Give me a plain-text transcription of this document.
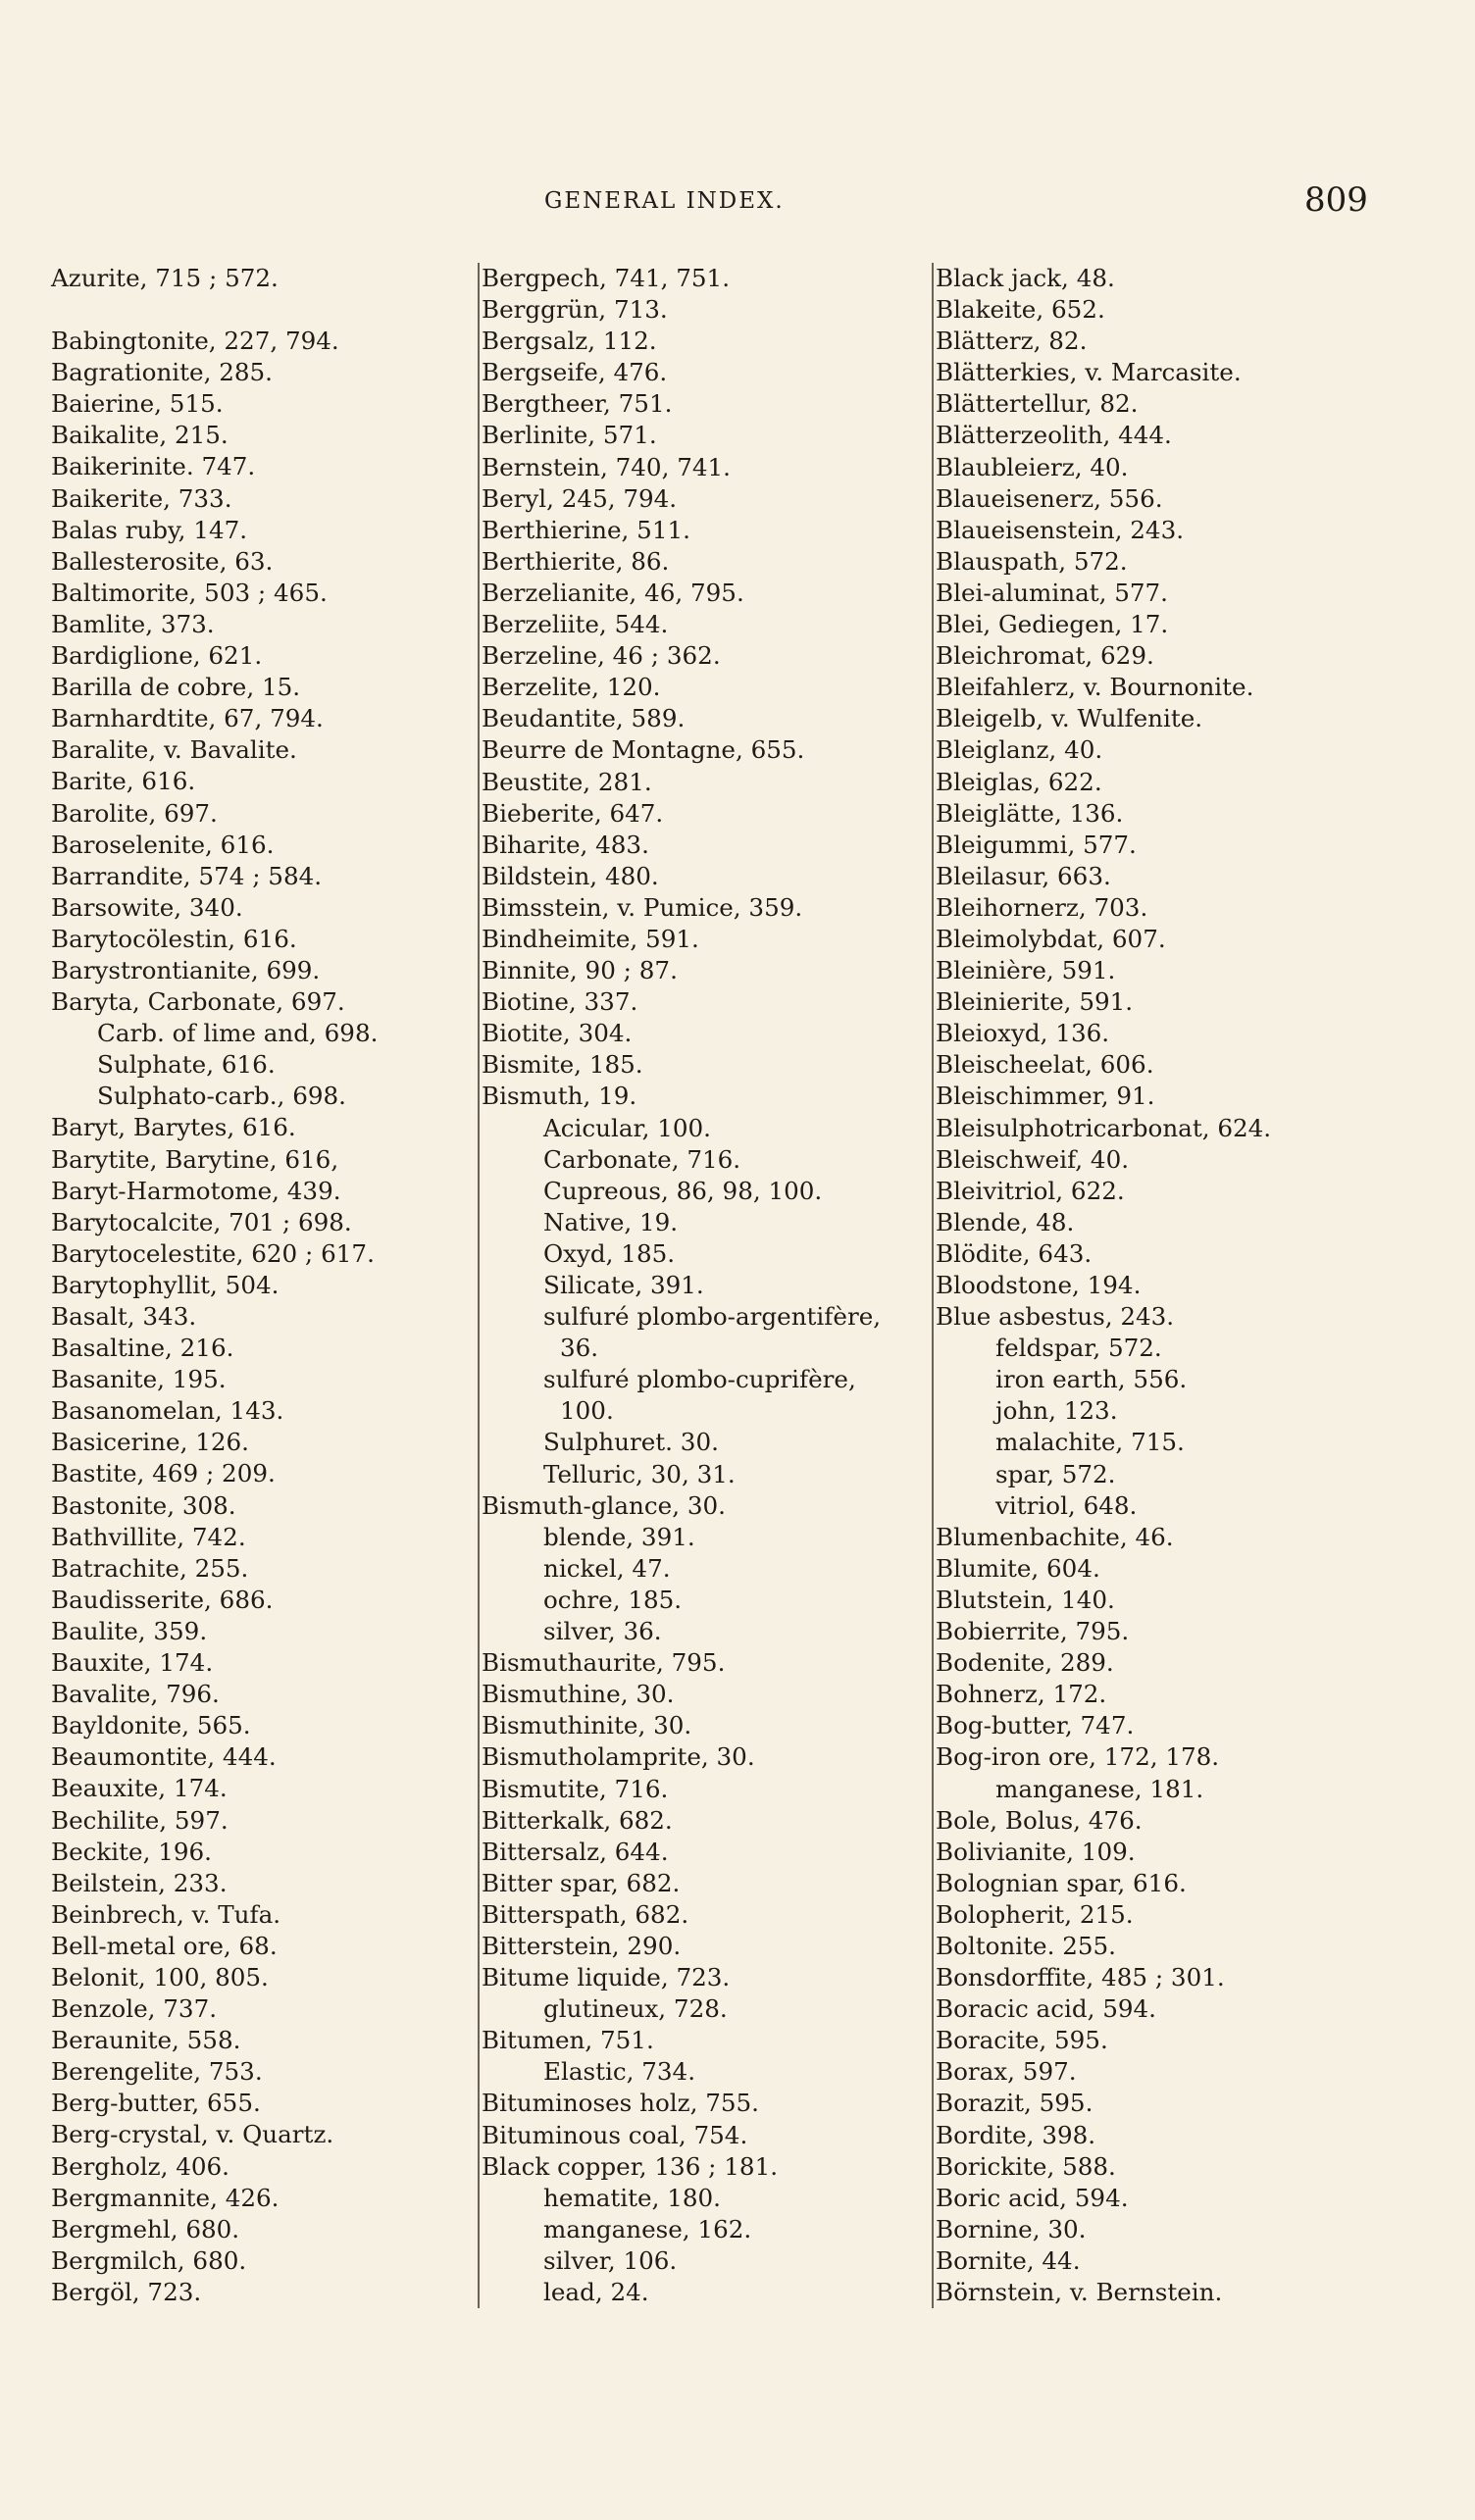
GENERAL INDEX.	809
Azurite, 715 ; 572.
Babingtonite, 227, 794.
Bagrationite, 285.
Baierine, 515.
Baikalite, 215.
Baikerinite. 747.
Baikerite, 733.
Balas ruby, 147.
Ballesterosite, 63.
Baltimorite, 503 ; 465.
Bamlite, 373.
Bardiglione, 621.
Barilla de cobre, 15.
Barnhardtite, 67, 794.
Baralite, v. Bavalite.
Barite, 616.
Barolite, 697.
Baroselenite, 616.
Barrandite, 574 ; 584.
Barsowite, 340.
Barytocölestin, 616.
Barystrontianite, 699.
Baryta, Carbonate, 697.
Carb. of lime and, 698.
Sulphate, 616.
Sulphato-carb., 698.
Baryt, Barytes, 616.
Barytite, Barytine, 616,
Baryt-Harmotome, 439.
Barytocalcite, 701 ; 698.
Barytocelestite, 620 ; 617.
Barytophyllit, 504.
Basalt, 343.
Basaltine, 216.
Basanite, 195.
Basanomelan, 143.
Basicerine, 126.
Bastite, 469 ; 209.
Bastonite, 308.
Bathvillite, 742.
Batrachite, 255.
Baudisserite, 686.
Baulite, 359.
Bauxite, 174.
Bavalite, 796.
Bayldonite, 565.
Beaumontite, 444.
Beauxite, 174.
Bechilite, 597.
Beckite, 196.
Beilstein, 233.
Beinbrech, v. Tufa.
Bell-metal ore, 68.
Belonit, 100, 805.
Benzole, 737.
Beraunite, 558.
Berengelite, 753.
Berg-butter, 655.
Berg-crystal, v. Quartz.
Bergholz, 406.
Bergmannite, 426.
Bergmehl, 680.
Bergmilch, 680.
Bergöl, 723.
Bergpech, 741, 751.
Berggrün, 713.
Bergsalz, 112.
Bergseife, 476.
Bergtheer, 751.
Berlinite, 571.
Bernstein, 740, 741.
Beryl, 245, 794.
Berthierine, 511.
Berthierite, 86.
Berzelianite, 46, 795.
Berzeliite, 544.
Berzeline, 46 ; 362.
Berzelite, 120.
Beudantite, 589.
Beurre de Montagne, 655.
Beustite, 281.
Bieberite, 647.
Biharite, 483.
Bildstein, 480.
Bimsstein, v. Pumice, 359.
Bindheimite, 591.
Binnite, 90 ; 87.
Biotine, 337.
Biotite, 304.
Bismite, 185.
Bismuth, 19.
Acicular, 100.
Carbonate, 716.
Cupreous, 86, 98, 100.
Native, 19.
Oxyd, 185.
Silicate, 391.
sulfuré plombo-argentifère,
36.
sulfuré plombo-cuprifère,
100.
Sulphuret. 30.
Telluric, 30, 31.
Bismuth-glance, 30.
blende, 391.
nickel, 47.
ochre, 185.
silver, 36.
Bismuthaurite, 795.
Bismuthine, 30.
Bismuthinite, 30.
Bismutholamprite, 30.
Bismutite, 716.
Bitterkalk, 682.
Bittersalz, 644.
Bitter spar, 682.
Bitterspath, 682.
Bitterstein, 290.
Bitume liquide, 723.
glutineux, 728.
Bitumen, 751.
Elastic, 734.
Bituminoses holz, 755.
Bituminous coal, 754.
Black copper, 136 ; 181.
hematite, 180.
manganese, 162.
silver, 106.
lead, 24.
Black jack, 48.
Blakeite, 652.
Blätterz, 82.
Blätterkies, v. Marcasite.
Blättertellur, 82.
Blätterzeolith, 444.
Blaubleierz, 40.
Blaueisenerz, 556.
Blaueisenstein, 243.
Blauspath, 572.
Blei-aluminat, 577.
Blei, Gediegen, 17.
Bleichromat, 629.
Bleifahlerz, v. Bournonite.
Bleigelb, v. Wulfenite.
Bleiglanz, 40.
Bleiglas, 622.
Bleiglätte, 136.
Bleigummi, 577.
Bleilasur, 663.
Bleihornerz, 703.
Bleimolybdat, 607.
Bleinière, 591.
Bleinierite, 591.
Bleioxyd, 136.
Bleischeelat, 606.
Bleischimmer, 91.
Bleisulphotricarbonat, 624.
Bleischweif, 40.
Bleivitriol, 622.
Blende, 48.
Blödite, 643.
Bloodstone, 194.
Blue asbestus, 243.
feldspar, 572.
iron earth, 556.
john, 123.
malachite, 715.
spar, 572.
vitriol, 648.
Blumenbachite, 46.
Blumite, 604.
Blutstein, 140.
Bobierrite, 795.
Bodenite, 289.
Bohnerz, 172.
Bog-butter, 747.
Bog-iron ore, 172, 178.
manganese, 181.
Bole, Bolus, 476.
Bolivianite, 109.
Bolognian spar, 616.
Bolopherit, 215.
Boltonite. 255.
Bonsdorffite, 485 ; 301.
Boracic acid, 594.
Boracite, 595.
Borax, 597.
Borazit, 595.
Bordite, 398.
Borickite, 588.
Boric acid, 594.
Bornine, 30.
Bornite, 44.
Börnstein, v. Bernstein.
